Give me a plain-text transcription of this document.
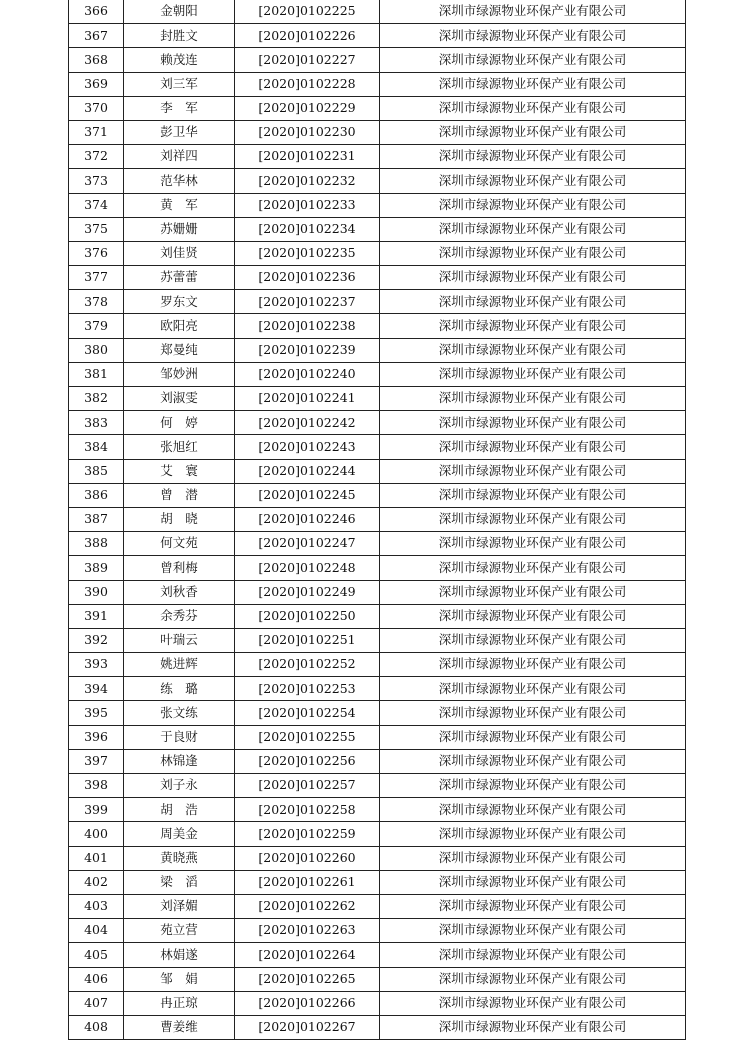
366	金朝阳	[2020]0102225	深圳市绿源物业环保产业有限公司
367	封胜文	[2020]0102226	深圳市绿源物业环保产业有限公司
368	赖茂连	[2020]0102227	深圳市绿源物业环保产业有限公司
369	刘三军	[2020]0102228	深圳市绿源物业环保产业有限公司
370	李　军	[2020]0102229	深圳市绿源物业环保产业有限公司
371	彭卫华	[2020]0102230	深圳市绿源物业环保产业有限公司
372	刘祥四	[2020]0102231	深圳市绿源物业环保产业有限公司
373	范华林	[2020]0102232	深圳市绿源物业环保产业有限公司
374	黄　军	[2020]0102233	深圳市绿源物业环保产业有限公司
375	苏姗姗	[2020]0102234	深圳市绿源物业环保产业有限公司
376	刘佳贤	[2020]0102235	深圳市绿源物业环保产业有限公司
377	苏蕾蕾	[2020]0102236	深圳市绿源物业环保产业有限公司
378	罗东文	[2020]0102237	深圳市绿源物业环保产业有限公司
379	欧阳亮	[2020]0102238	深圳市绿源物业环保产业有限公司
380	郑曼纯	[2020]0102239	深圳市绿源物业环保产业有限公司
381	邹妙洲	[2020]0102240	深圳市绿源物业环保产业有限公司
382	刘淑雯	[2020]0102241	深圳市绿源物业环保产业有限公司
383	何　婷	[2020]0102242	深圳市绿源物业环保产业有限公司
384	张旭红	[2020]0102243	深圳市绿源物业环保产业有限公司
385	艾　寰	[2020]0102244	深圳市绿源物业环保产业有限公司
386	曾　潜	[2020]0102245	深圳市绿源物业环保产业有限公司
387	胡　晓	[2020]0102246	深圳市绿源物业环保产业有限公司
388	何文苑	[2020]0102247	深圳市绿源物业环保产业有限公司
389	曾利梅	[2020]0102248	深圳市绿源物业环保产业有限公司
390	刘秋香	[2020]0102249	深圳市绿源物业环保产业有限公司
391	余秀芬	[2020]0102250	深圳市绿源物业环保产业有限公司
392	叶瑞云	[2020]0102251	深圳市绿源物业环保产业有限公司
393	姚进辉	[2020]0102252	深圳市绿源物业环保产业有限公司
394	练　璐	[2020]0102253	深圳市绿源物业环保产业有限公司
395	张文练	[2020]0102254	深圳市绿源物业环保产业有限公司
396	于良财	[2020]0102255	深圳市绿源物业环保产业有限公司
397	林锦逢	[2020]0102256	深圳市绿源物业环保产业有限公司
398	刘子永	[2020]0102257	深圳市绿源物业环保产业有限公司
399	胡　浩	[2020]0102258	深圳市绿源物业环保产业有限公司
400	周美金	[2020]0102259	深圳市绿源物业环保产业有限公司
401	黄晓燕	[2020]0102260	深圳市绿源物业环保产业有限公司
402	梁　滔	[2020]0102261	深圳市绿源物业环保产业有限公司
403	刘泽媚	[2020]0102262	深圳市绿源物业环保产业有限公司
404	苑立营	[2020]0102263	深圳市绿源物业环保产业有限公司
405	林娟遂	[2020]0102264	深圳市绿源物业环保产业有限公司
406	邹　娟	[2020]0102265	深圳市绿源物业环保产业有限公司
407	冉正琼	[2020]0102266	深圳市绿源物业环保产业有限公司
408	曹姜维	[2020]0102267	深圳市绿源物业环保产业有限公司
